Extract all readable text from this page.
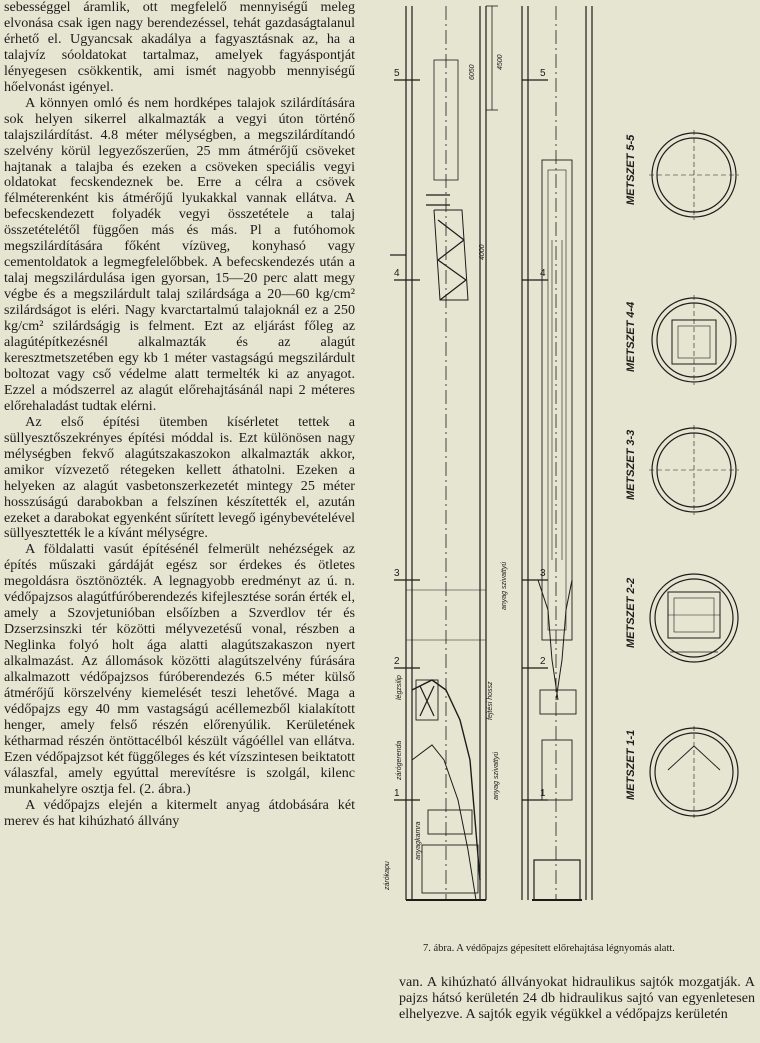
sebességgel áramlik, ott megfelelő mennyiségű meleg elvonása csak igen nagy berendezéssel, tehát gazdaságtalanul érhető el. Ugyancsak akadálya a fagyasztásnak az, ha a talajvíz sóoldatokat tartalmaz, amelyek fagyáspontját lényegesen csökkentik, ami ismét nagyobb mennyiségű hőelvonást igényel.

A könnyen omló és nem hordképes talajok szilárdítására sok helyen sikerrel alkalmazták a vegyi úton történő talajszilárdítást. 4.8 méter mélységben, a megszilárdítandó szelvény körül legyezőszerűen, 25 mm átmérőjű csöveket hajtanak a talajba és ezeken a csöveken speciális vegyi oldatokat fecskendeznek be. Erre a célra a csövek félméterenként kis átmérőjű lyukakkal vannak ellátva. A befecskendezett folyadék vegyi összetétele a talaj összetételétől függően más és más. Pl a futóhomok megszilárdítására főként vízüveg, konyhasó vagy cementoldatok a legmegfelelőbbek. A befecskendezés után a talaj megszilárdulása igen gyorsan, 15—20 perc alatt megy végbe és a megszilárdult talaj szilárdsága a 20—60 kg/cm² szilárdságot is eléri. Nagy kvarctartalmú talajoknál ez a 250 kg/cm² szilárdságig is felment. Ezt az eljárást főleg az alagútépítkezésnél alkalmazták és az alagút keresztmetszetében egy kb 1 méter vastagságú megszilárdult boltozat vagy cső védelme alatt termelték ki az anyagot. Ezzel a módszerrel az alagút előrehajtásánál napi 2 méteres előrehaladást tudtak elérni.

Az első építési ütemben kísérletet tettek a süllyesztőszekrényes építési móddal is. Ezt különösen nagy mélységben fekvő alagútszakaszokon alkalmazták akkor, amikor vízvezető rétegeken kellett áthatolni. Ezeken a helyeken az alagút vasbetonszerkezetét mintegy 25 méter hosszúságú darabokban a felszínen készítették el, azután ezeket a darabokat egyenként sűrített levegő igénybevételével süllyesztették le a kívánt mélységre.

A földalatti vasút építésénél felmerült nehézségek az építés műszaki gárdáját egész sor érdekes és ötletes megoldásra ösztönözték. A legnagyobb eredményt az ú. n. védőpajzsos alagútfúróberendezés kifejlesztése során érték el, amely a Szovjetunióban elsőízben a Szverdlov tér és Dzserzsinszki tér közötti mélyvezetésű vonal, részben a Neglinka folyó holt ága alatti alagútszakaszon nyert alkalmazást. Az állomások közötti alagútszelvény fúrására alkalmazott védőpajzsos fúróberendezés 6.5 méter külső átmérőjű körszelvény kiemelését teszi lehetővé. Maga a védőpajzs egy 40 mm vastagságú acéllemezből kialakított henger, amely felső részén előrenyúlik. Kerületének kétharmad részén öntöttacélból készült vágóéllel van ellátva. Ezen védőpajzsot két függőleges és két vízszintesen beiktatott válaszfal, amely egyúttal merevítésre is szolgál, kilenc munkahelyre osztja fel. (2. ábra.)

A védőpajzs elején a kitermelt anyag átdobására két merev és hat kihúzható állvány

METSZET 5-5
METSZET 4-4
METSZET 3-3
METSZET 2-2
METSZET 1-1
5	5
4	4
3	3
2	2
1	1
4500
6050
4000
légzsilip
zárógerenda
anyag szivattyú
zárókapu
anyagkamra
fejtési hossz
anyag szivattyú
7. ábra. A védőpajzs gépesített előrehajtása légnyomás alatt.

van. A kihúzható állványokat hidraulikus sajtók mozgatják. A pajzs hátsó kerületén 24 db hidraulikus sajtó van egyenletesen elhelyezve. A sajtók egyik végükkel a védőpajzs kerületén
